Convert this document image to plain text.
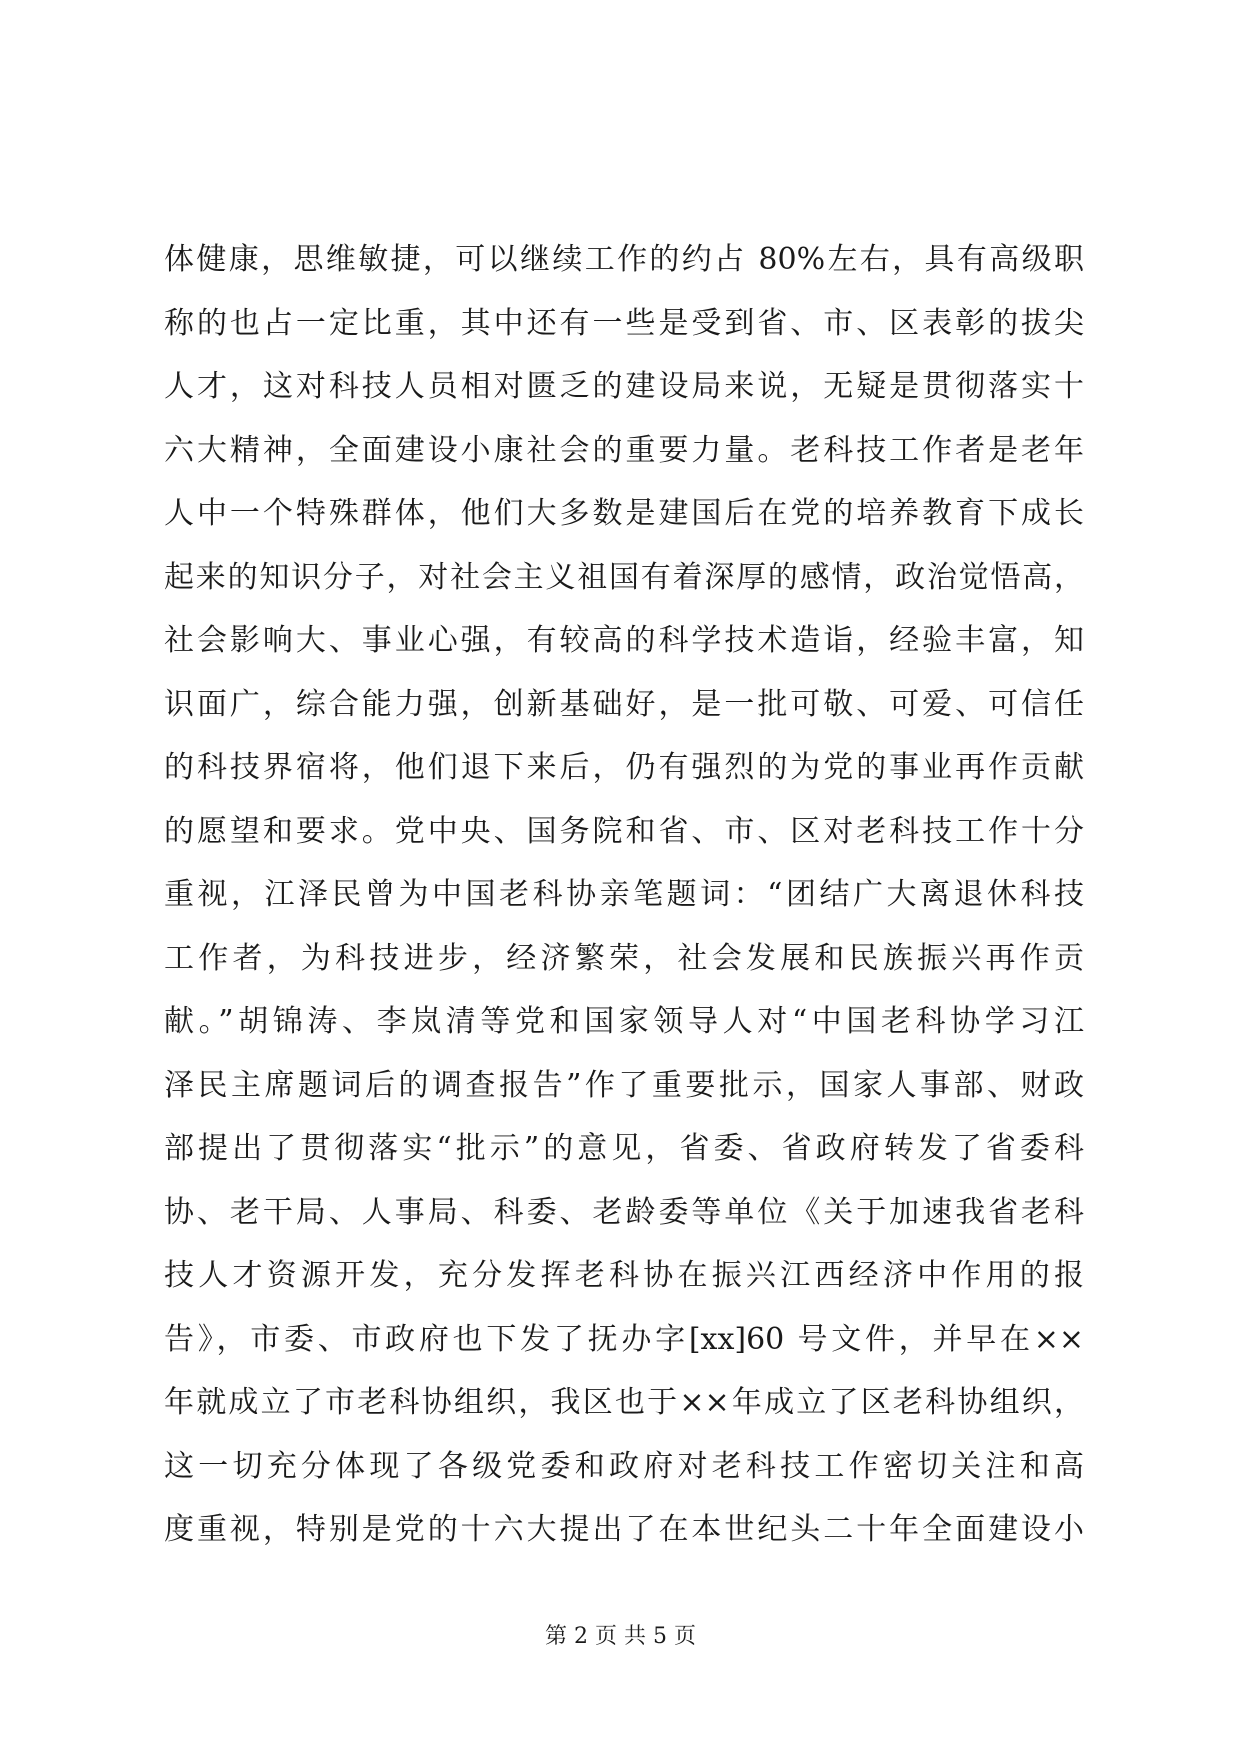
体健康，思维敏捷，可以继续工作的约占 80%左右，具有高级职
称的也占一定比重，其中还有一些是受到省、市、区表彰的拔尖
人才，这对科技人员相对匮乏的建设局来说，无疑是贯彻落实十
六大精神，全面建设小康社会的重要力量。老科技工作者是老年
人中一个特殊群体，他们大多数是建国后在党的培养教育下成长
起来的知识分子，对社会主义祖国有着深厚的感情，政治觉悟高，
社会影响大、事业心强，有较高的科学技术造诣，经验丰富，知
识面广，综合能力强，创新基础好，是一批可敬、可爱、可信任
的科技界宿将，他们退下来后，仍有强烈的为党的事业再作贡献
的愿望和要求。党中央、国务院和省、市、区对老科技工作十分
重视，江泽民曾为中国老科协亲笔题词：“团结广大离退休科技
工作者，为科技进步，经济繁荣，社会发展和民族振兴再作贡
献。”胡锦涛、李岚清等党和国家领导人对“中国老科协学习江
泽民主席题词后的调查报告”作了重要批示，国家人事部、财政
部提出了贯彻落实“批示”的意见，省委、省政府转发了省委科
协、老干局、人事局、科委、老龄委等单位《关于加速我省老科
技人才资源开发，充分发挥老科协在振兴江西经济中作用的报
告》，市委、市政府也下发了抚办字[xx]60 号文件，并早在××
年就成立了市老科协组织，我区也于××年成立了区老科协组织，
这一切充分体现了各级党委和政府对老科技工作密切关注和高
度重视，特别是党的十六大提出了在本世纪头二十年全面建设小
第 2 页 共 5 页
